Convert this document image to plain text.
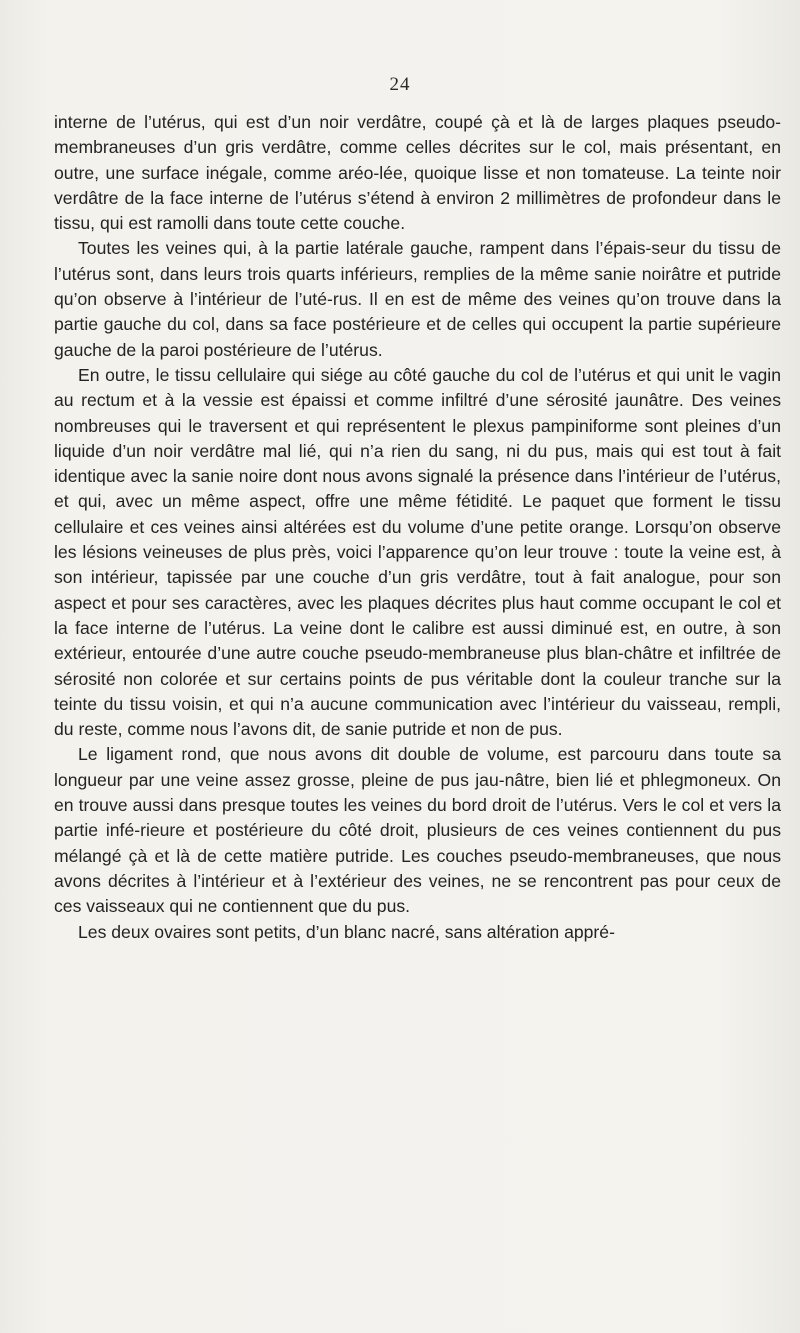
24

interne de l’utérus, qui est d’un noir verdâtre, coupé çà et là de larges plaques pseudo-membraneuses d’un gris verdâtre, comme celles décrites sur le col, mais présentant, en outre, une surface inégale, comme aréo-lée, quoique lisse et non tomateuse. La teinte noir verdâtre de la face interne de l’utérus s’étend à environ 2 millimètres de profondeur dans le tissu, qui est ramolli dans toute cette couche.

Toutes les veines qui, à la partie latérale gauche, rampent dans l’épais-seur du tissu de l’utérus sont, dans leurs trois quarts inférieurs, remplies de la même sanie noirâtre et putride qu’on observe à l’intérieur de l’uté-rus. Il en est de même des veines qu’on trouve dans la partie gauche du col, dans sa face postérieure et de celles qui occupent la partie supérieure gauche de la paroi postérieure de l’utérus.

En outre, le tissu cellulaire qui siége au côté gauche du col de l’utérus et qui unit le vagin au rectum et à la vessie est épaissi et comme infiltré d’une sérosité jaunâtre. Des veines nombreuses qui le traversent et qui représentent le plexus pampiniforme sont pleines d’un liquide d’un noir verdâtre mal lié, qui n’a rien du sang, ni du pus, mais qui est tout à fait identique avec la sanie noire dont nous avons signalé la présence dans l’intérieur de l’utérus, et qui, avec un même aspect, offre une même fétidité. Le paquet que forment le tissu cellulaire et ces veines ainsi altérées est du volume d’une petite orange. Lorsqu’on observe les lésions veineuses de plus près, voici l’apparence qu’on leur trouve : toute la veine est, à son intérieur, tapissée par une couche d’un gris verdâtre, tout à fait analogue, pour son aspect et pour ses caractères, avec les plaques décrites plus haut comme occupant le col et la face interne de l’utérus. La veine dont le calibre est aussi diminué est, en outre, à son extérieur, entourée d’une autre couche pseudo-membraneuse plus blan-châtre et infiltrée de sérosité non colorée et sur certains points de pus véritable dont la couleur tranche sur la teinte du tissu voisin, et qui n’a aucune communication avec l’intérieur du vaisseau, rempli, du reste, comme nous l’avons dit, de sanie putride et non de pus.

Le ligament rond, que nous avons dit double de volume, est parcouru dans toute sa longueur par une veine assez grosse, pleine de pus jau-nâtre, bien lié et phlegmoneux. On en trouve aussi dans presque toutes les veines du bord droit de l’utérus. Vers le col et vers la partie infé-rieure et postérieure du côté droit, plusieurs de ces veines contiennent du pus mélangé çà et là de cette matière putride. Les couches pseudo-membraneuses, que nous avons décrites à l’intérieur et à l’extérieur des veines, ne se rencontrent pas pour ceux de ces vaisseaux qui ne contiennent que du pus.

Les deux ovaires sont petits, d’un blanc nacré, sans altération appré-
